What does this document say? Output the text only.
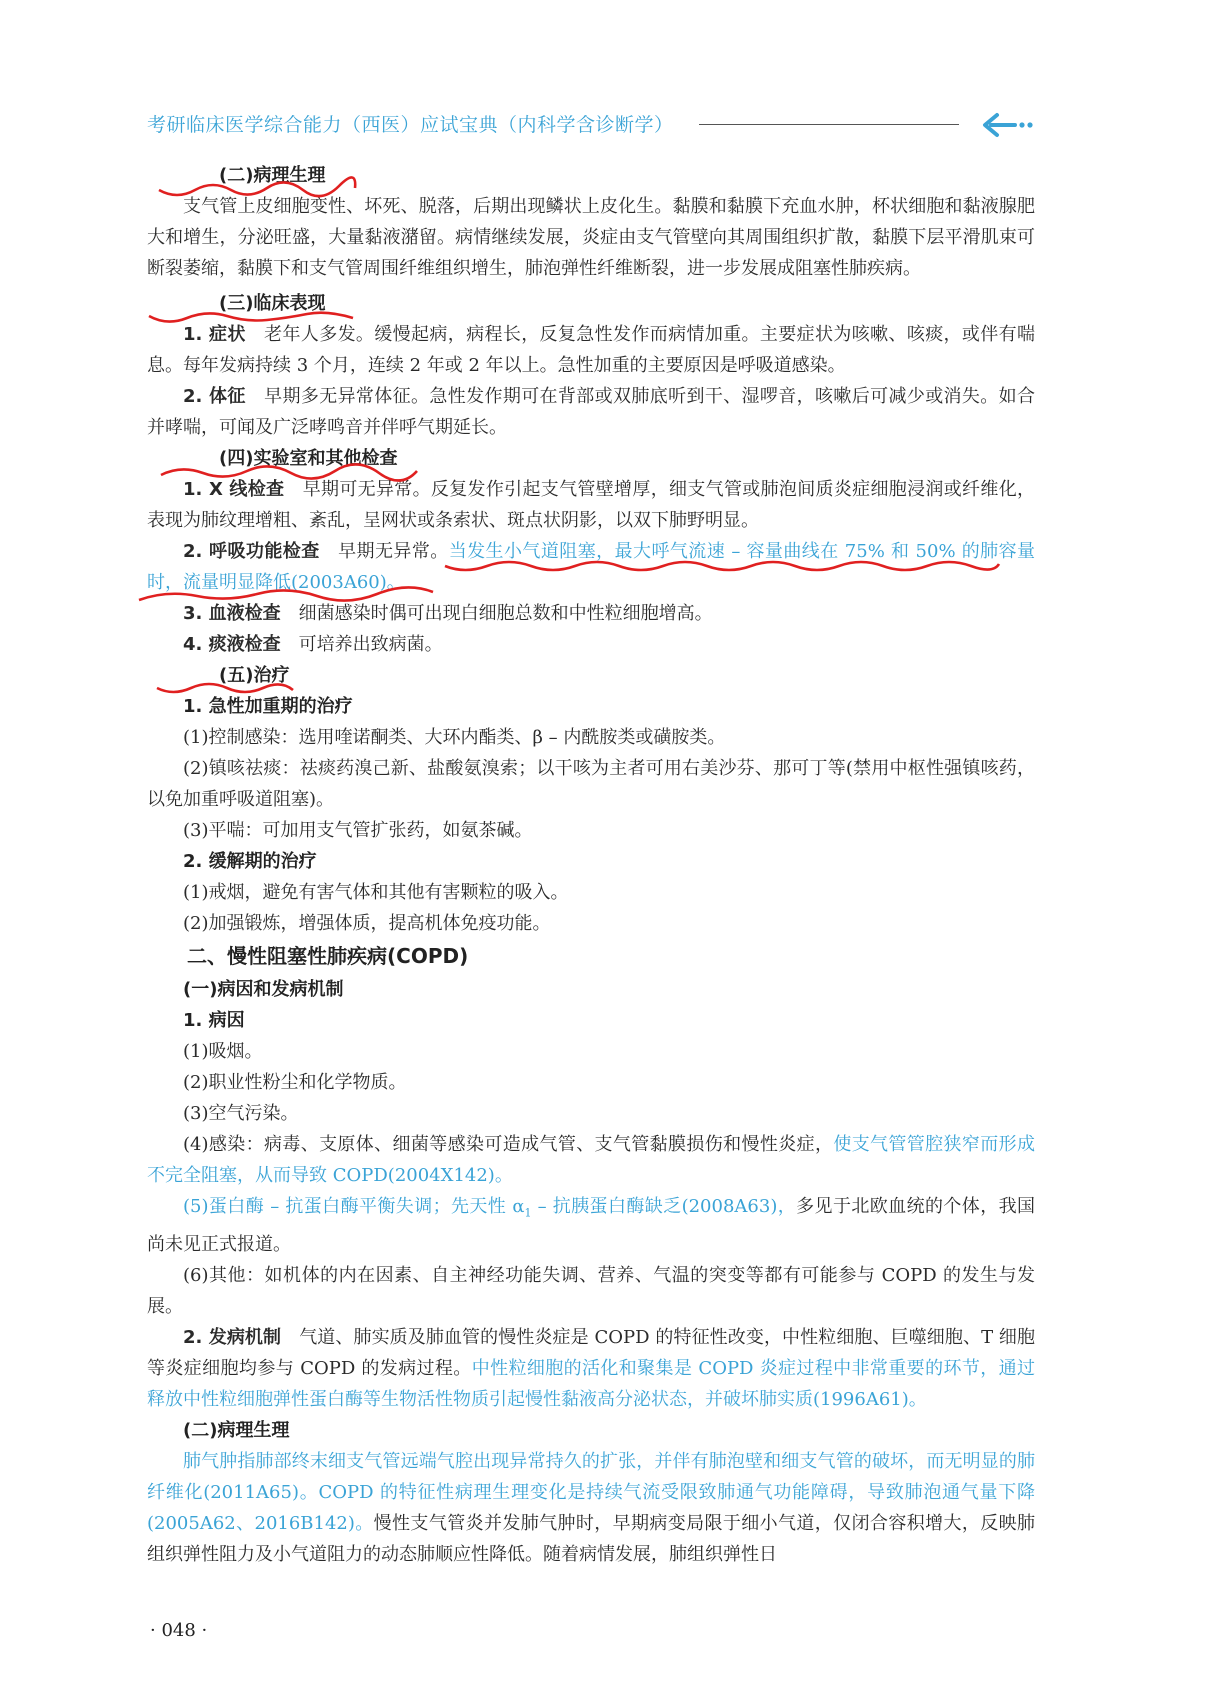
考研临床医学综合能力（西医）应试宝典（内科学含诊断学）

(二)病理生理

支气管上皮细胞变性、坏死、脱落，后期出现鳞状上皮化生。黏膜和黏膜下充血水肿，杯状细胞和黏液腺肥大和增生，分泌旺盛，大量黏液潴留。病情继续发展，炎症由支气管壁向其周围组织扩散，黏膜下层平滑肌束可断裂萎缩，黏膜下和支气管周围纤维组织增生，肺泡弹性纤维断裂，进一步发展成阻塞性肺疾病。

(三)临床表现

1. 症状　 老年人多发。缓慢起病，病程长，反复急性发作而病情加重。主要症状为咳嗽、咳痰，或伴有喘息。每年发病持续 3 个月，连续 2 年或 2 年以上。急性加重的主要原因是呼吸道感染。

2. 体征　 早期多无异常体征。急性发作期可在背部或双肺底听到干、湿啰音，咳嗽后可减少或消失。如合并哮喘，可闻及广泛哮鸣音并伴呼气期延长。

(四)实验室和其他检查

1. X 线检查　 早期可无异常。反复发作引起支气管壁增厚，细支气管或肺泡间质炎症细胞浸润或纤维化，表现为肺纹理增粗、紊乱，呈网状或条索状、斑点状阴影，以双下肺野明显。

2. 呼吸功能检查　 早期无异常。当发生小气道阻塞，最大呼气流速 – 容量曲线在 75% 和 50% 的肺容量时，流量明显降低(2003A60)。

3. 血液检查　 细菌感染时偶可出现白细胞总数和中性粒细胞增高。

4. 痰液检查　 可培养出致病菌。

(五)治疗

1. 急性加重期的治疗

(1)控制感染：选用喹诺酮类、大环内酯类、β – 内酰胺类或磺胺类。

(2)镇咳祛痰：祛痰药溴己新、盐酸氨溴索；以干咳为主者可用右美沙芬、那可丁等(禁用中枢性强镇咳药，以免加重呼吸道阻塞)。

(3)平喘：可加用支气管扩张药，如氨茶碱。

2. 缓解期的治疗

(1)戒烟，避免有害气体和其他有害颗粒的吸入。

(2)加强锻炼，增强体质，提高机体免疫功能。

二、慢性阻塞性肺疾病(COPD)

(一)病因和发病机制

1. 病因

(1)吸烟。

(2)职业性粉尘和化学物质。

(3)空气污染。

(4)感染：病毒、支原体、细菌等感染可造成气管、支气管黏膜损伤和慢性炎症，使支气管管腔狭窄而形成不完全阻塞，从而导致 COPD(2004X142)。

(5)蛋白酶 – 抗蛋白酶平衡失调；先天性 $\alpha_1$ – 抗胰蛋白酶缺乏(2008A63)，多见于北欧血统的个体，我国尚未见正式报道。

(6)其他：如机体的内在因素、自主神经功能失调、营养、气温的突变等都有可能参与 COPD 的发生与发展。

2. 发病机制　 气道、肺实质及肺血管的慢性炎症是 COPD 的特征性改变，中性粒细胞、巨噬细胞、T 细胞等炎症细胞均参与 COPD 的发病过程。中性粒细胞的活化和聚集是 COPD 炎症过程中非常重要的环节，通过释放中性粒细胞弹性蛋白酶等生物活性物质引起慢性黏液高分泌状态，并破坏肺实质(1996A61)。

(二)病理生理

肺气肿指肺部终末细支气管远端气腔出现异常持久的扩张，并伴有肺泡壁和细支气管的破坏，而无明显的肺纤维化(2011A65)。COPD 的特征性病理生理变化是持续气流受限致肺通气功能障碍，导致肺泡通气量下降(2005A62、2016B142)。慢性支气管炎并发肺气肿时，早期病变局限于细小气道，仅闭合容积增大，反映肺组织弹性阻力及小气道阻力的动态肺顺应性降低。随着病情发展，肺组织弹性日

· 048 ·
